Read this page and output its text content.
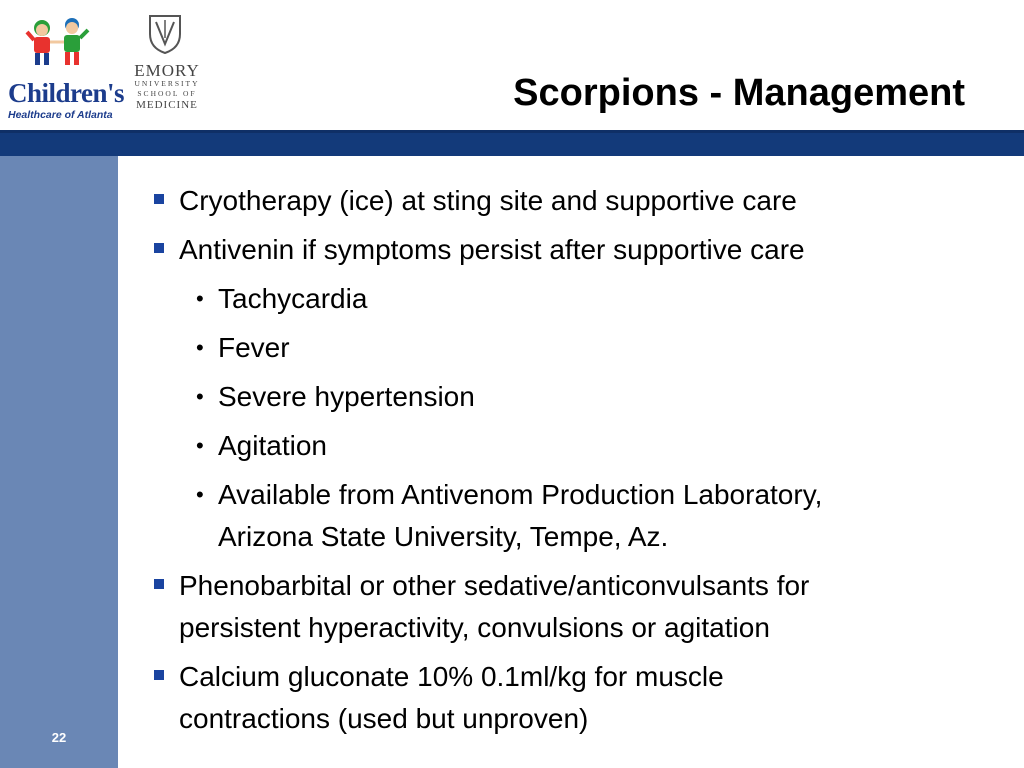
Children's
Healthcare of Atlanta
EMORY
UNIVERSITY
SCHOOL OF
MEDICINE	Scorpions - Management
22
Cryotherapy (ice) at sting site and supportive care
Antivenin if symptoms persist after supportive care
• Tachycardia
• Fever
• Severe hypertension
• Agitation
• Available from Antivenom Production Laboratory,
Arizona State University, Tempe, Az.
Phenobarbital or other sedative/anticonvulsants for
persistent hyperactivity, convulsions or agitation
Calcium gluconate 10% 0.1ml/kg for muscle
contractions (used but unproven)
